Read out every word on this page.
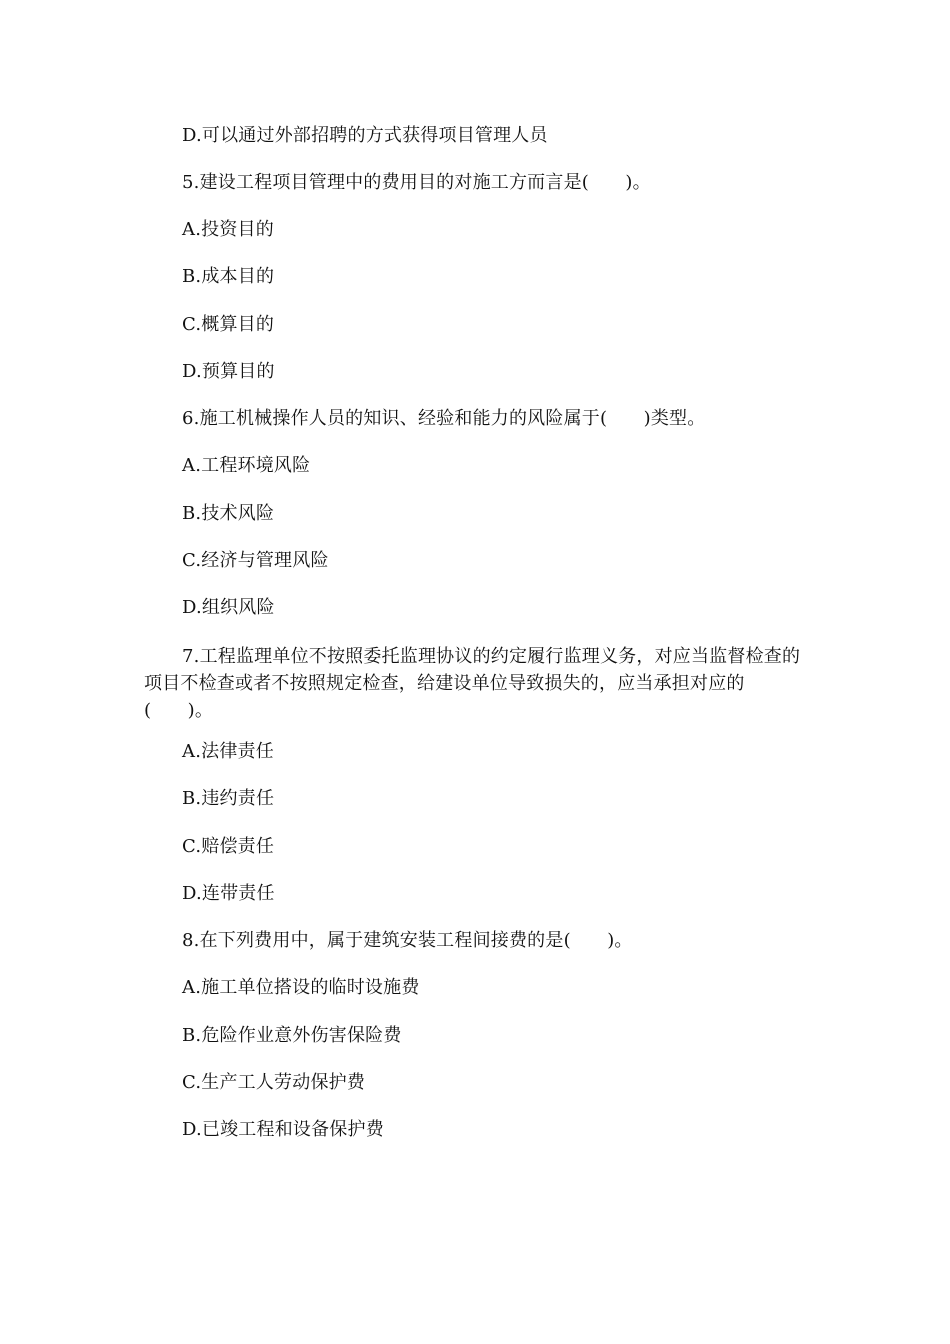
D.可以通过外部招聘的方式获得项目管理人员
5.建设工程项目管理中的费用目的对施工方而言是(　　)。
A.投资目的
B.成本目的
C.概算目的
D.预算目的
6.施工机械操作人员的知识、经验和能力的风险属于(　　)类型。
A.工程环境风险
B.技术风险
C.经济与管理风险
D.组织风险
7.工程监理单位不按照委托监理协议的约定履行监理义务，对应当监督检查的项目不检查或者不按照规定检查，给建设单位导致损失的，应当承担对应的(　　)。
A.法律责任
B.违约责任
C.赔偿责任
D.连带责任
8.在下列费用中，属于建筑安装工程间接费的是(　　)。
A.施工单位搭设的临时设施费
B.危险作业意外伤害保险费
C.生产工人劳动保护费
D.已竣工程和设备保护费
